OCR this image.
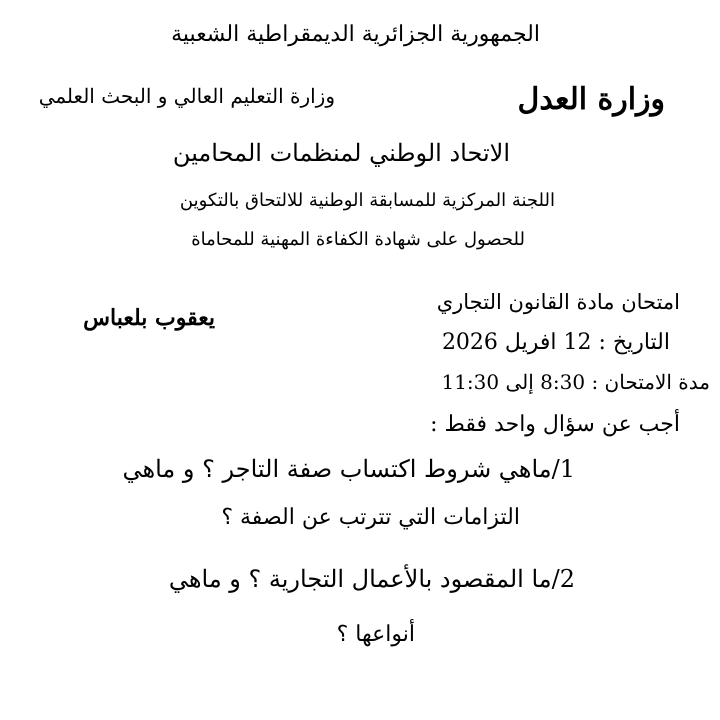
الجمهورية الجزائرية الديمقراطية الشعبية
وزارة التعليم العالي و البحث العلمي	وزارة العدل
الاتحاد الوطني لمنظمات المحامين
اللجنة المركزية للمسابقة الوطنية للالتحاق بالتكوين
للحصول على شهادة الكفاءة المهنية للمحاماة
امتحان مادة القانون التجاري
يعقوب بلعباس
التاريخ : 12 افريل 2026
مدة الامتحان : 8:30 إلى 11:30
أجب عن سؤال واحد فقط :
1/ماهي شروط اكتساب صفة التاجر ؟ و ماهي
التزامات التي تترتب عن الصفة ؟
2/ما المقصود بالأعمال التجارية ؟ و ماهي
أنواعها ؟
